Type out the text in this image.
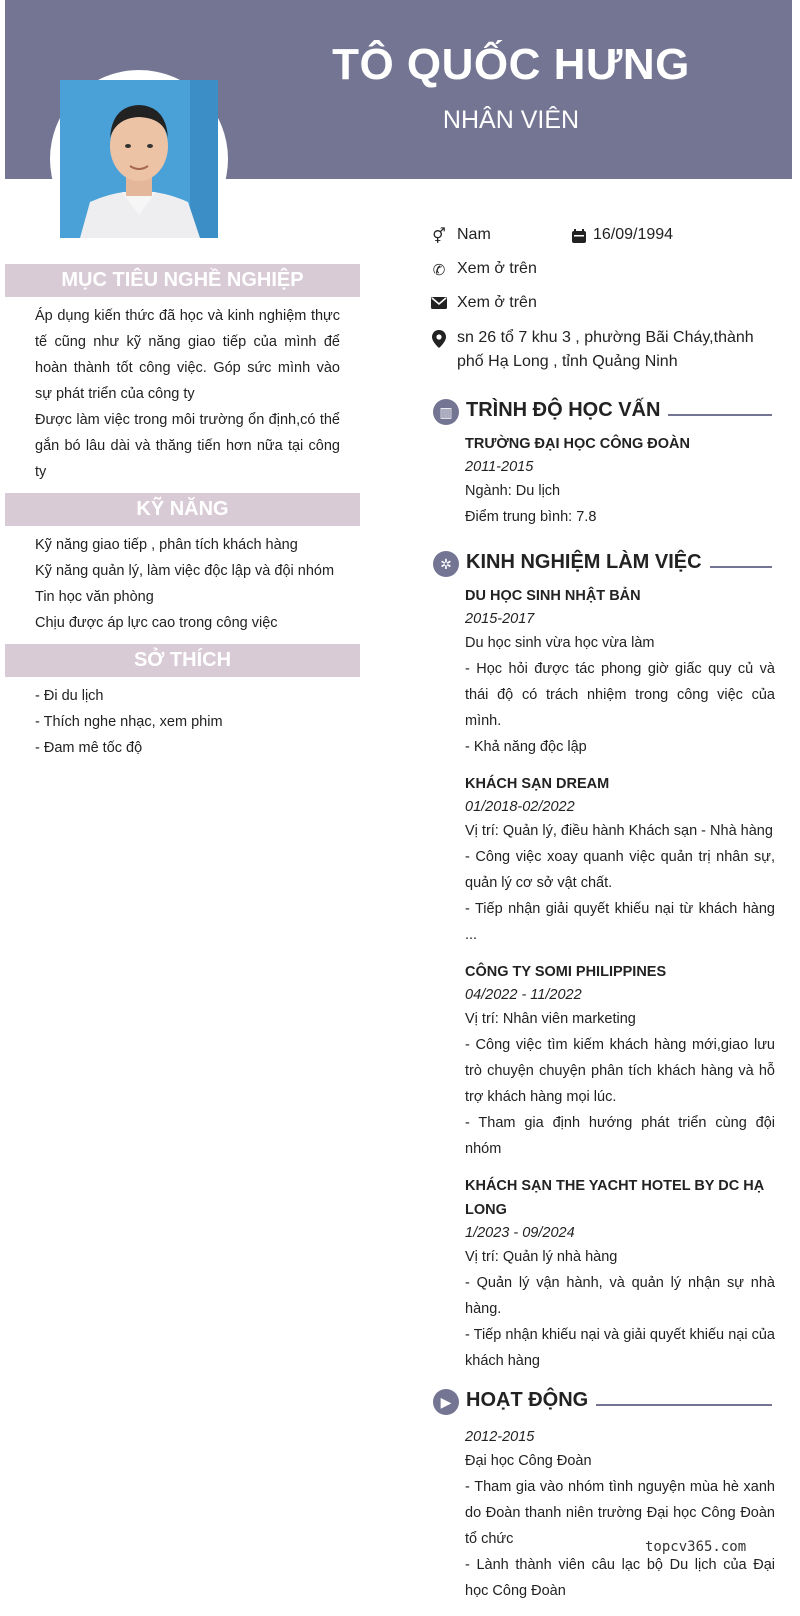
TÔ QUỐC HƯNG
NHÂN VIÊN
MỤC TIÊU NGHỀ NGHIỆP
Áp dụng kiến thức đã học và kinh nghiệm thực tế cũng như kỹ năng giao tiếp của mình để hoàn thành tốt công việc. Góp sức mình vào sự phát triển của công ty
Được làm việc trong môi trường ổn định,có thể gắn bó lâu dài và thăng tiến hơn nữa tại công ty
KỸ NĂNG
Kỹ năng giao tiếp , phân tích khách hàng
Kỹ năng quản lý, làm việc độc lập và đội nhóm
Tin học văn phòng
Chịu được áp lực cao trong công việc
SỞ THÍCH
- Đi du lịch
- Thích nghe nhạc, xem phim
- Đam mê tốc độ
⚥ Nam	16/09/1994
✆ Xem ở trên
Xem ở trên
sn 26 tổ 7 khu 3 , phường Bãi Cháy,thành phố Hạ Long , tỉnh Quảng Ninh
▥ TRÌNH ĐỘ HỌC VẤN
TRƯỜNG ĐẠI HỌC CÔNG ĐOÀN
2011-2015
Ngành: Du lịch
Điểm trung bình: 7.8
✲ KINH NGHIỆM LÀM VIỆC
DU HỌC SINH NHẬT BẢN
2015-2017
Du học sinh vừa học vừa làm
- Học hỏi được tác phong giờ giấc quy củ và thái độ có trách nhiệm trong công việc của mình.
- Khả năng độc lập
KHÁCH SẠN DREAM
01/2018-02/2022
Vị trí: Quản lý, điều hành Khách sạn - Nhà hàng
- Công việc xoay quanh việc quản trị nhân sự, quản lý cơ sở vật chất.
- Tiếp nhận giải quyết khiếu nại từ khách hàng ...
CÔNG TY SOMI PHILIPPINES
04/2022 - 11/2022
Vị trí: Nhân viên marketing
- Công việc tìm kiếm khách hàng mới,giao lưu trò chuyện chuyện phân tích khách hàng và hỗ trợ khách hàng mọi lúc.
- Tham gia định hướng phát triển cùng đội nhóm
KHÁCH SẠN THE YACHT HOTEL BY DC HẠ LONG
1/2023 - 09/2024
Vị trí: Quản lý nhà hàng
- Quản lý vận hành, và quản lý nhận sự nhà hàng.
- Tiếp nhận khiếu nại và giải quyết khiếu nại của khách hàng
▶ HOẠT ĐỘNG
2012-2015
Đại học Công Đoàn
- Tham gia vào nhóm tình nguyện mùa hè xanh do Đoàn thanh niên trường Đại học Công Đoàn tổ chức
- Lành thành viên câu lạc bộ Du lịch của Đại học Công Đoàn
topcv365.com
